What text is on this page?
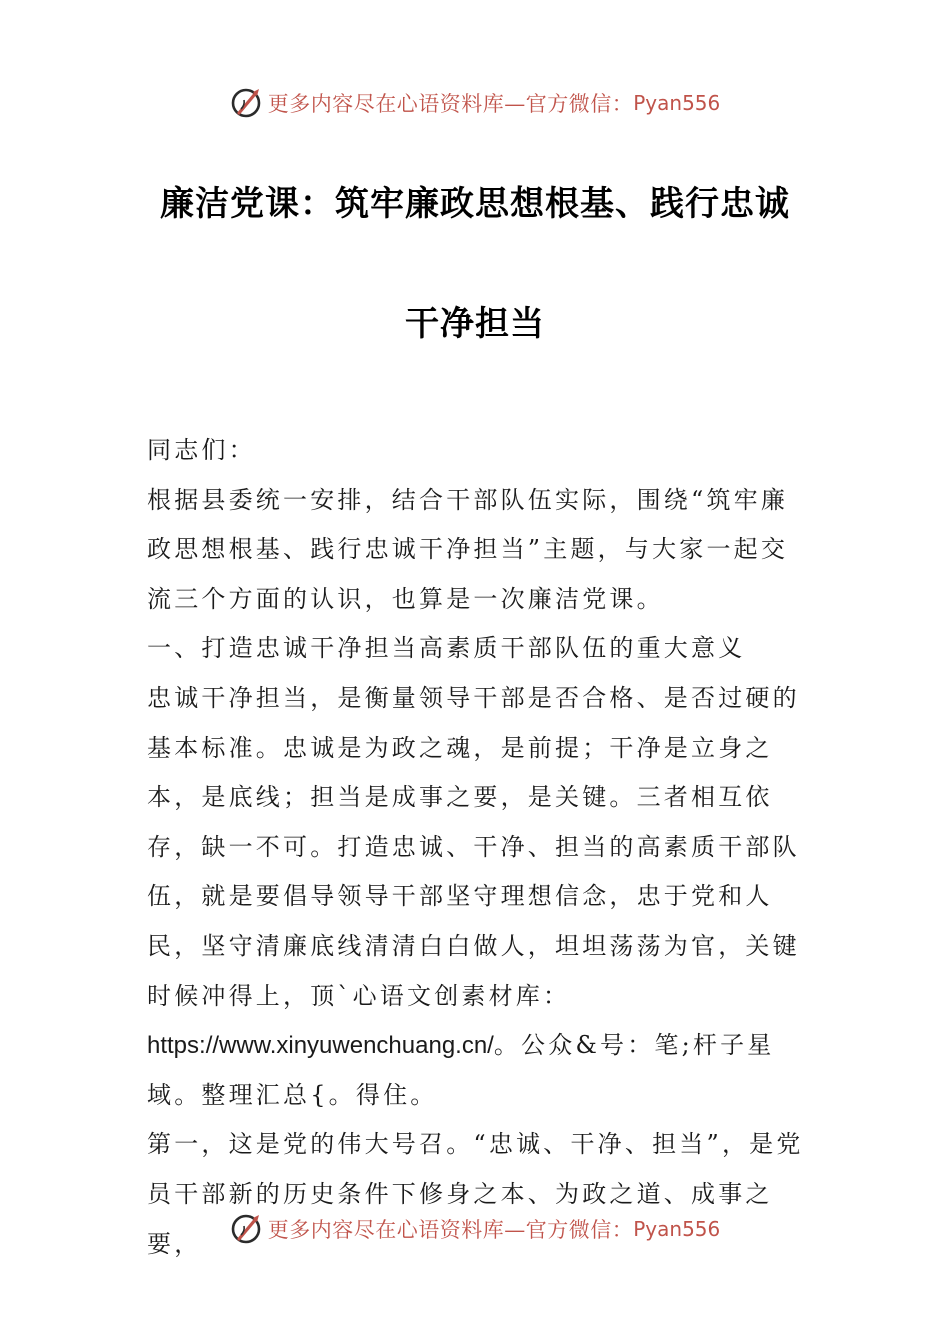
更多内容尽在心语资料库—官方微信： Pyan556
廉洁党课：筑牢廉政思想根基、践行忠诚
干净担当

同志们：

根据县委统一安排，结合干部队伍实际，围绕“筑牢廉政思想根基、践行忠诚干净担当”主题，与大家一起交流三个方面的认识，也算是一次廉洁党课。

一、打造忠诚干净担当高素质干部队伍的重大意义

忠诚干净担当，是衡量领导干部是否合格、是否过硬的基本标准。忠诚是为政之魂，是前提；干净是立身之本，是底线；担当是成事之要，是关键。三者相互依存，缺一不可。打造忠诚、干净、担当的高素质干部队伍，就是要倡导领导干部坚守理想信念，忠于党和人民，坚守清廉底线清清白白做人，坦坦荡荡为官，关键时候冲得上，顶`心语文创素材库：https://www.xinyuwenchuang.cn/。公众&号：笔;杆子星域。整理汇总{。得住。

第一，这是党的伟大号召。“忠诚、干净、担当”，是党员干部新的历史条件下修身之本、为政之道、成事之要，	更多内容尽在心语资料库—官方微信： Pyan556
